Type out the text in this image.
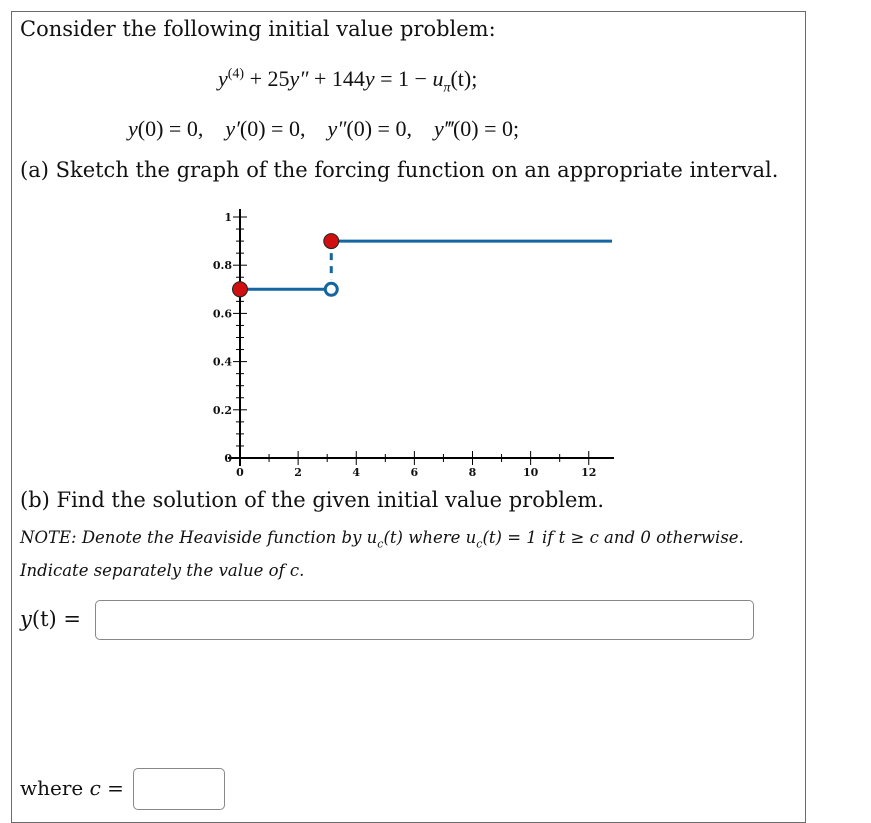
Consider the following initial value problem:
$y^{(4)} + 25y'' + 144y = 1 - u_\pi(t)$;
y(0) = 0, y′(0) = 0, y″(0) = 0, y‴(0) = 0;
(a) Sketch the graph of the forcing function on an appropriate interval.
0
0.2
0.4
0.6
0.8
1
0	2	4	6	8	10	12
(b) Find the solution of the given initial value problem.
NOTE: Denote the Heaviside function by $u_c(t)$ where $u_c(t) = 1$ if t ≥ c and 0 otherwise.
Indicate separately the value of c.
y(t) =
where c =
